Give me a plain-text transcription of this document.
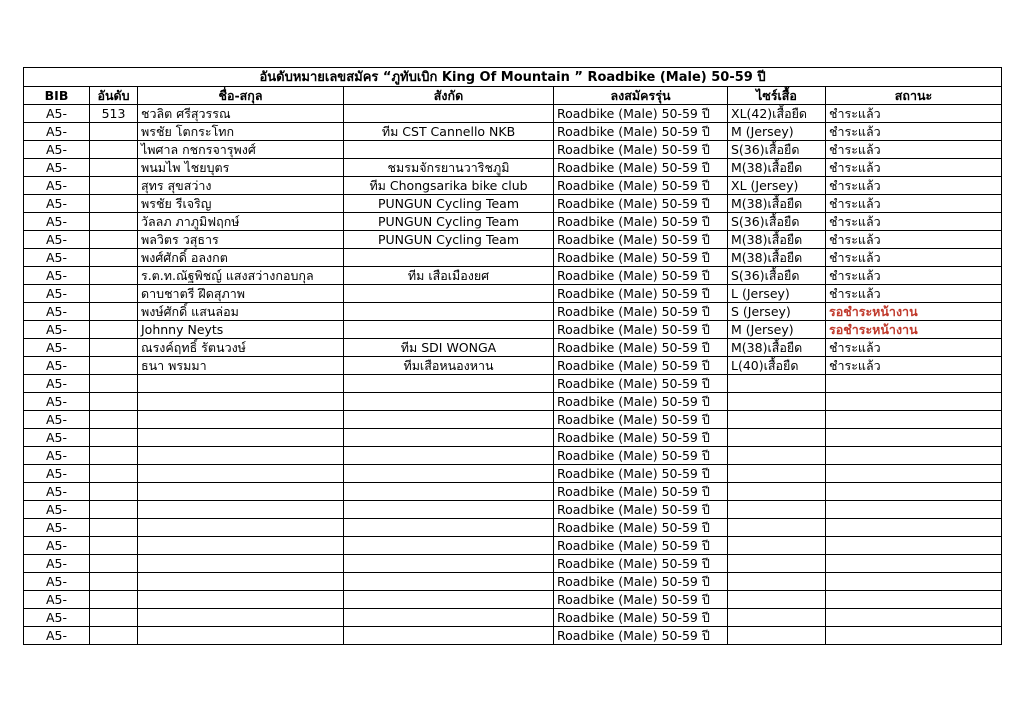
อันดับหมายเลขสมัคร “ภูทับเบิก King Of Mountain ” Roadbike (Male) 50-59 ปี						
BIB	อันดับ	ชื่อ-สกุล	สังกัด	ลงสมัครรุ่น	ไซร์เสื้อ	สถานะ
A5-	513	ชวลิต ศรีสุวรรณ		Roadbike (Male) 50-59 ปี	XL(42)เสื้อยืด	ชำระแล้ว
A5-		พรชัย โตกระโทก	ทีม CST Cannello NKB	Roadbike (Male) 50-59 ปี	M (Jersey)	ชำระแล้ว
A5-		ไพศาล กชกรจารุพงศ์		Roadbike (Male) 50-59 ปี	S(36)เสื้อยืด	ชำระแล้ว
A5-		พนมไพ ไชยบุตร	ชมรมจักรยานวาริชภูมิ	Roadbike (Male) 50-59 ปี	M(38)เสื้อยืด	ชำระแล้ว
A5-		สุทร สุขสว่าง	ทีม Chongsarika bike club	Roadbike (Male) 50-59 ปี	XL (Jersey)	ชำระแล้ว
A5-		พรชัย รีเจริญ	PUNGUN Cycling Team	Roadbike (Male) 50-59 ปี	M(38)เสื้อยืด	ชำระแล้ว
A5-		วัลลภ ภาภูมิฟฤกษ์	PUNGUN Cycling Team	Roadbike (Male) 50-59 ปี	S(36)เสื้อยืด	ชำระแล้ว
A5-		พลวิตร วสุธาร	PUNGUN Cycling Team	Roadbike (Male) 50-59 ปี	M(38)เสื้อยืด	ชำระแล้ว
A5-		พงศ์ศักดิ์ อลงกต		Roadbike (Male) 50-59 ปี	M(38)เสื้อยืด	ชำระแล้ว
A5-		ร.ต.ท.ณัฐพิชญ์ แสงสว่างกอบกุล	ทีม เสือเมืองยศ	Roadbike (Male) 50-59 ปี	S(36)เสื้อยืด	ชำระแล้ว
A5-		ดาบชาตรี ฝึดสุภาพ		Roadbike (Male) 50-59 ปี	L (Jersey)	ชำระแล้ว
A5-		พงษ์ศักดิ์ แสนล่อม		Roadbike (Male) 50-59 ปี	S (Jersey)	รอชำระหน้างาน
A5-		Johnny Neyts		Roadbike (Male) 50-59 ปี	M (Jersey)	รอชำระหน้างาน
A5-		ณรงค์ฤทธิ์ รัตนวงษ์	ทีม SDI WONGA	Roadbike (Male) 50-59 ปี	M(38)เสื้อยืด	ชำระแล้ว
A5-		ธนา พรมมา	ทีมเสือหนองหาน	Roadbike (Male) 50-59 ปี	L(40)เสื้อยืด	ชำระแล้ว
A5-				Roadbike (Male) 50-59 ปี		
A5-				Roadbike (Male) 50-59 ปี		
A5-				Roadbike (Male) 50-59 ปี		
A5-				Roadbike (Male) 50-59 ปี		
A5-				Roadbike (Male) 50-59 ปี		
A5-				Roadbike (Male) 50-59 ปี		
A5-				Roadbike (Male) 50-59 ปี		
A5-				Roadbike (Male) 50-59 ปี		
A5-				Roadbike (Male) 50-59 ปี		
A5-				Roadbike (Male) 50-59 ปี		
A5-				Roadbike (Male) 50-59 ปี		
A5-				Roadbike (Male) 50-59 ปี		
A5-				Roadbike (Male) 50-59 ปี		
A5-				Roadbike (Male) 50-59 ปี		
A5-				Roadbike (Male) 50-59 ปี		
